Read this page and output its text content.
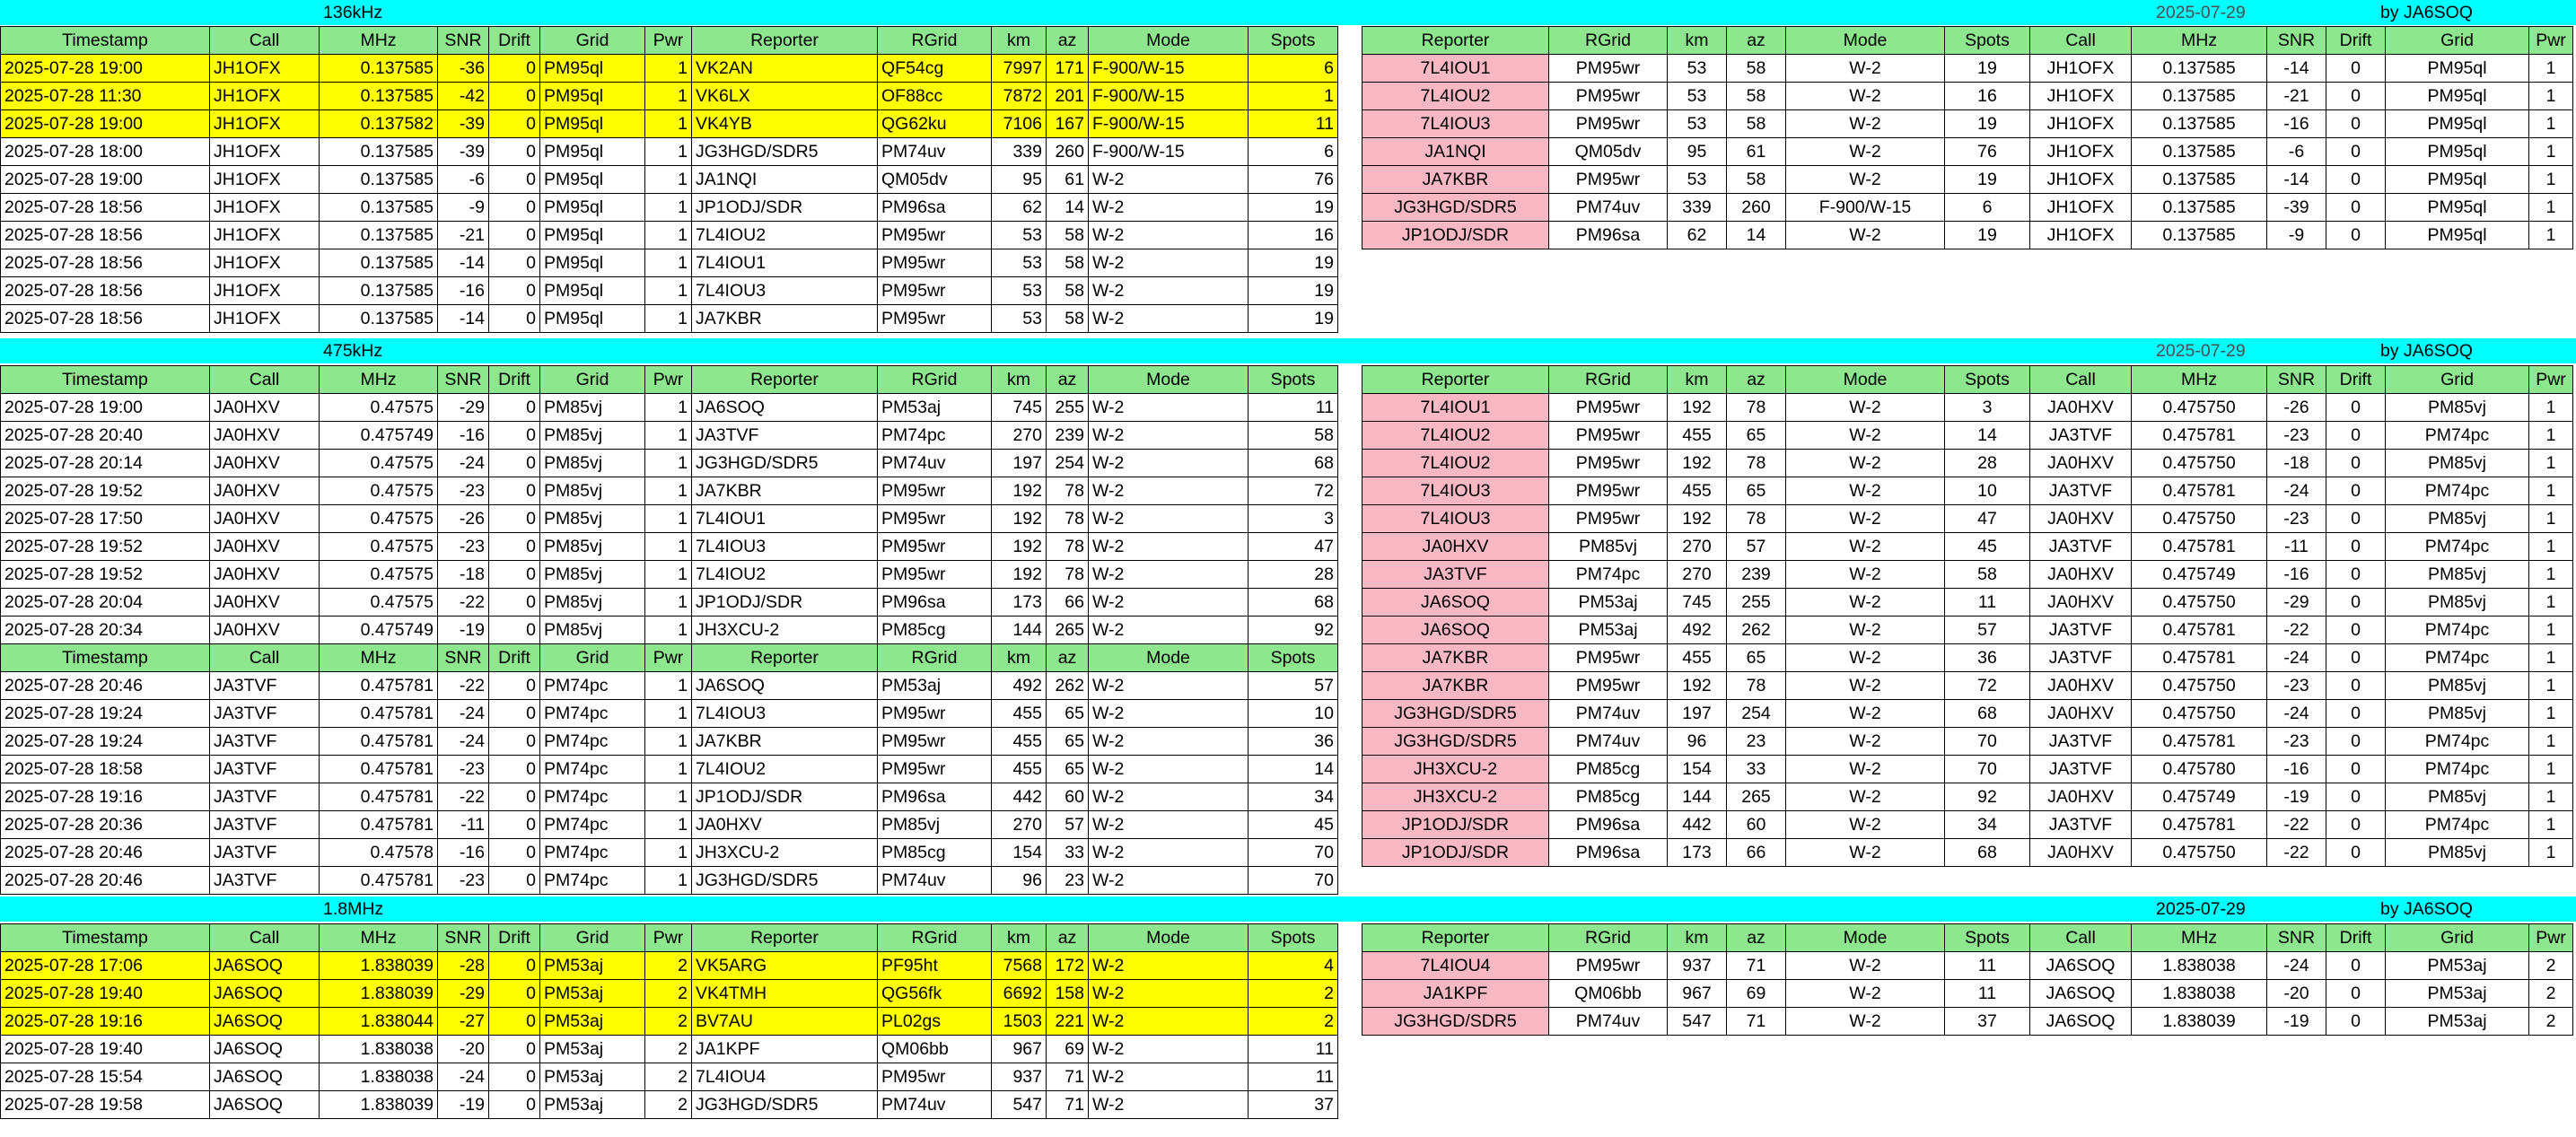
136kHz	2025-07-29	by JA6SOQ
Timestamp	Call	MHz	SNR	Drift	Grid	Pwr	Reporter	RGrid	km	az	Mode	Spots
2025-07-28 19:00	JH1OFX	0.137585	-36	0	PM95ql	1	VK2AN	QF54cg	7997	171	F-900/W-15	6
2025-07-28 11:30	JH1OFX	0.137585	-42	0	PM95ql	1	VK6LX	OF88cc	7872	201	F-900/W-15	1
2025-07-28 19:00	JH1OFX	0.137582	-39	0	PM95ql	1	VK4YB	QG62ku	7106	167	F-900/W-15	11
2025-07-28 18:00	JH1OFX	0.137585	-39	0	PM95ql	1	JG3HGD/SDR5	PM74uv	339	260	F-900/W-15	6
2025-07-28 19:00	JH1OFX	0.137585	-6	0	PM95ql	1	JA1NQI	QM05dv	95	61	W-2	76
2025-07-28 18:56	JH1OFX	0.137585	-9	0	PM95ql	1	JP1ODJ/SDR	PM96sa	62	14	W-2	19
2025-07-28 18:56	JH1OFX	0.137585	-21	0	PM95ql	1	7L4IOU2	PM95wr	53	58	W-2	16
2025-07-28 18:56	JH1OFX	0.137585	-14	0	PM95ql	1	7L4IOU1	PM95wr	53	58	W-2	19
2025-07-28 18:56	JH1OFX	0.137585	-16	0	PM95ql	1	7L4IOU3	PM95wr	53	58	W-2	19
2025-07-28 18:56	JH1OFX	0.137585	-14	0	PM95ql	1	JA7KBR	PM95wr	53	58	W-2	19
Reporter	RGrid	km	az	Mode	Spots	Call	MHz	SNR	Drift	Grid	Pwr
7L4IOU1	PM95wr	53	58	W-2	19	JH1OFX	0.137585	-14	0	PM95ql	1
7L4IOU2	PM95wr	53	58	W-2	16	JH1OFX	0.137585	-21	0	PM95ql	1
7L4IOU3	PM95wr	53	58	W-2	19	JH1OFX	0.137585	-16	0	PM95ql	1
JA1NQI	QM05dv	95	61	W-2	76	JH1OFX	0.137585	-6	0	PM95ql	1
JA7KBR	PM95wr	53	58	W-2	19	JH1OFX	0.137585	-14	0	PM95ql	1
JG3HGD/SDR5	PM74uv	339	260	F-900/W-15	6	JH1OFX	0.137585	-39	0	PM95ql	1
JP1ODJ/SDR	PM96sa	62	14	W-2	19	JH1OFX	0.137585	-9	0	PM95ql	1
475kHz	2025-07-29	by JA6SOQ
Timestamp	Call	MHz	SNR	Drift	Grid	Pwr	Reporter	RGrid	km	az	Mode	Spots
2025-07-28 19:00	JA0HXV	0.47575	-29	0	PM85vj	1	JA6SOQ	PM53aj	745	255	W-2	11
2025-07-28 20:40	JA0HXV	0.475749	-16	0	PM85vj	1	JA3TVF	PM74pc	270	239	W-2	58
2025-07-28 20:14	JA0HXV	0.47575	-24	0	PM85vj	1	JG3HGD/SDR5	PM74uv	197	254	W-2	68
2025-07-28 19:52	JA0HXV	0.47575	-23	0	PM85vj	1	JA7KBR	PM95wr	192	78	W-2	72
2025-07-28 17:50	JA0HXV	0.47575	-26	0	PM85vj	1	7L4IOU1	PM95wr	192	78	W-2	3
2025-07-28 19:52	JA0HXV	0.47575	-23	0	PM85vj	1	7L4IOU3	PM95wr	192	78	W-2	47
2025-07-28 19:52	JA0HXV	0.47575	-18	0	PM85vj	1	7L4IOU2	PM95wr	192	78	W-2	28
2025-07-28 20:04	JA0HXV	0.47575	-22	0	PM85vj	1	JP1ODJ/SDR	PM96sa	173	66	W-2	68
2025-07-28 20:34	JA0HXV	0.475749	-19	0	PM85vj	1	JH3XCU-2	PM85cg	144	265	W-2	92
Timestamp	Call	MHz	SNR	Drift	Grid	Pwr	Reporter	RGrid	km	az	Mode	Spots
2025-07-28 20:46	JA3TVF	0.475781	-22	0	PM74pc	1	JA6SOQ	PM53aj	492	262	W-2	57
2025-07-28 19:24	JA3TVF	0.475781	-24	0	PM74pc	1	7L4IOU3	PM95wr	455	65	W-2	10
2025-07-28 19:24	JA3TVF	0.475781	-24	0	PM74pc	1	JA7KBR	PM95wr	455	65	W-2	36
2025-07-28 18:58	JA3TVF	0.475781	-23	0	PM74pc	1	7L4IOU2	PM95wr	455	65	W-2	14
2025-07-28 19:16	JA3TVF	0.475781	-22	0	PM74pc	1	JP1ODJ/SDR	PM96sa	442	60	W-2	34
2025-07-28 20:36	JA3TVF	0.475781	-11	0	PM74pc	1	JA0HXV	PM85vj	270	57	W-2	45
2025-07-28 20:46	JA3TVF	0.47578	-16	0	PM74pc	1	JH3XCU-2	PM85cg	154	33	W-2	70
2025-07-28 20:46	JA3TVF	0.475781	-23	0	PM74pc	1	JG3HGD/SDR5	PM74uv	96	23	W-2	70
Reporter	RGrid	km	az	Mode	Spots	Call	MHz	SNR	Drift	Grid	Pwr
7L4IOU1	PM95wr	192	78	W-2	3	JA0HXV	0.475750	-26	0	PM85vj	1
7L4IOU2	PM95wr	455	65	W-2	14	JA3TVF	0.475781	-23	0	PM74pc	1
7L4IOU2	PM95wr	192	78	W-2	28	JA0HXV	0.475750	-18	0	PM85vj	1
7L4IOU3	PM95wr	455	65	W-2	10	JA3TVF	0.475781	-24	0	PM74pc	1
7L4IOU3	PM95wr	192	78	W-2	47	JA0HXV	0.475750	-23	0	PM85vj	1
JA0HXV	PM85vj	270	57	W-2	45	JA3TVF	0.475781	-11	0	PM74pc	1
JA3TVF	PM74pc	270	239	W-2	58	JA0HXV	0.475749	-16	0	PM85vj	1
JA6SOQ	PM53aj	745	255	W-2	11	JA0HXV	0.475750	-29	0	PM85vj	1
JA6SOQ	PM53aj	492	262	W-2	57	JA3TVF	0.475781	-22	0	PM74pc	1
JA7KBR	PM95wr	455	65	W-2	36	JA3TVF	0.475781	-24	0	PM74pc	1
JA7KBR	PM95wr	192	78	W-2	72	JA0HXV	0.475750	-23	0	PM85vj	1
JG3HGD/SDR5	PM74uv	197	254	W-2	68	JA0HXV	0.475750	-24	0	PM85vj	1
JG3HGD/SDR5	PM74uv	96	23	W-2	70	JA3TVF	0.475781	-23	0	PM74pc	1
JH3XCU-2	PM85cg	154	33	W-2	70	JA3TVF	0.475780	-16	0	PM74pc	1
JH3XCU-2	PM85cg	144	265	W-2	92	JA0HXV	0.475749	-19	0	PM85vj	1
JP1ODJ/SDR	PM96sa	442	60	W-2	34	JA3TVF	0.475781	-22	0	PM74pc	1
JP1ODJ/SDR	PM96sa	173	66	W-2	68	JA0HXV	0.475750	-22	0	PM85vj	1
1.8MHz	2025-07-29	by JA6SOQ
Timestamp	Call	MHz	SNR	Drift	Grid	Pwr	Reporter	RGrid	km	az	Mode	Spots
2025-07-28 17:06	JA6SOQ	1.838039	-28	0	PM53aj	2	VK5ARG	PF95ht	7568	172	W-2	4
2025-07-28 19:40	JA6SOQ	1.838039	-29	0	PM53aj	2	VK4TMH	QG56fk	6692	158	W-2	2
2025-07-28 19:16	JA6SOQ	1.838044	-27	0	PM53aj	2	BV7AU	PL02gs	1503	221	W-2	2
2025-07-28 19:40	JA6SOQ	1.838038	-20	0	PM53aj	2	JA1KPF	QM06bb	967	69	W-2	11
2025-07-28 15:54	JA6SOQ	1.838038	-24	0	PM53aj	2	7L4IOU4	PM95wr	937	71	W-2	11
2025-07-28 19:58	JA6SOQ	1.838039	-19	0	PM53aj	2	JG3HGD/SDR5	PM74uv	547	71	W-2	37
Reporter	RGrid	km	az	Mode	Spots	Call	MHz	SNR	Drift	Grid	Pwr
7L4IOU4	PM95wr	937	71	W-2	11	JA6SOQ	1.838038	-24	0	PM53aj	2
JA1KPF	QM06bb	967	69	W-2	11	JA6SOQ	1.838038	-20	0	PM53aj	2
JG3HGD/SDR5	PM74uv	547	71	W-2	37	JA6SOQ	1.838039	-19	0	PM53aj	2
